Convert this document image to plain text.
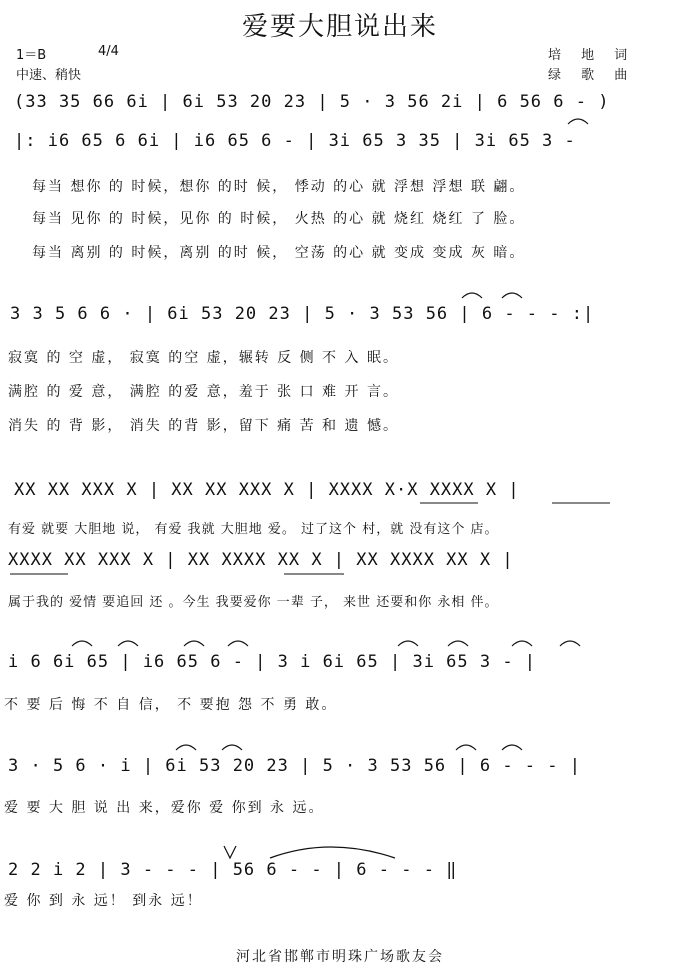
爱要大胆说出来
1＝B	4/4
中速、稍快
培 地 词
绿 歌 曲
(33 35 66 6i | 6i 53 20 23 | 5 · 3 56 2i | 6 56 6 - )
|: i6 65 6 6i | i6 65 6 - | 3i 65 3 35 | 3i 65 3 -
每当 想你 的 时候，想你 的时 候， 悸动 的心 就 浮想 浮想 联 翩。
每当 见你 的 时候，见你 的 时候， 火热 的心 就 烧红 烧红 了 脸。
每当 离别 的 时候，离别 的时 候， 空荡 的心 就 变成 变成 灰 暗。
3 3 5 6 6 · | 6i 53 20 23 | 5 · 3 53 56 | 6 - - - :|
寂寞 的 空 虚， 寂寞 的空 虚，辗转 反 侧 不 入 眠。
满腔 的 爱 意， 满腔 的爱 意，羞于 张 口 难 开 言。
消失 的 背 影， 消失 的背 影，留下 痛 苦 和 遗 憾。
XX XX XXX X | XX XX XXX X | XXXX X·X XXXX X |
有爱 就要 大胆地 说， 有爱 我就 大胆地 爱。 过了这个 村，就 没有这个 店。
XXXX XX XXX X | XX XXXX XX X | XX XXXX XX X |
属于我的 爱情 要追回 还 。今生 我要爱你 一辈 子， 来世 还要和你 永相 伴。
i 6 6i 65 | i6 65 6 - | 3 i 6i 65 | 3i 65 3 - |
不 要 后 悔 不 自 信， 不 要抱 怨 不 勇 敢。
3 · 5 6 · i | 6i 53 20 23 | 5 · 3 53 56 | 6 - - - |
爱 要 大 胆 说 出 来，爱你 爱 你到 永 远。
2 2 i 2 | 3 - - - | 56 6 - - | 6 - - - ‖
爱 你 到 永 远！ 到永 远！
河北省邯郸市明珠广场歌友会
